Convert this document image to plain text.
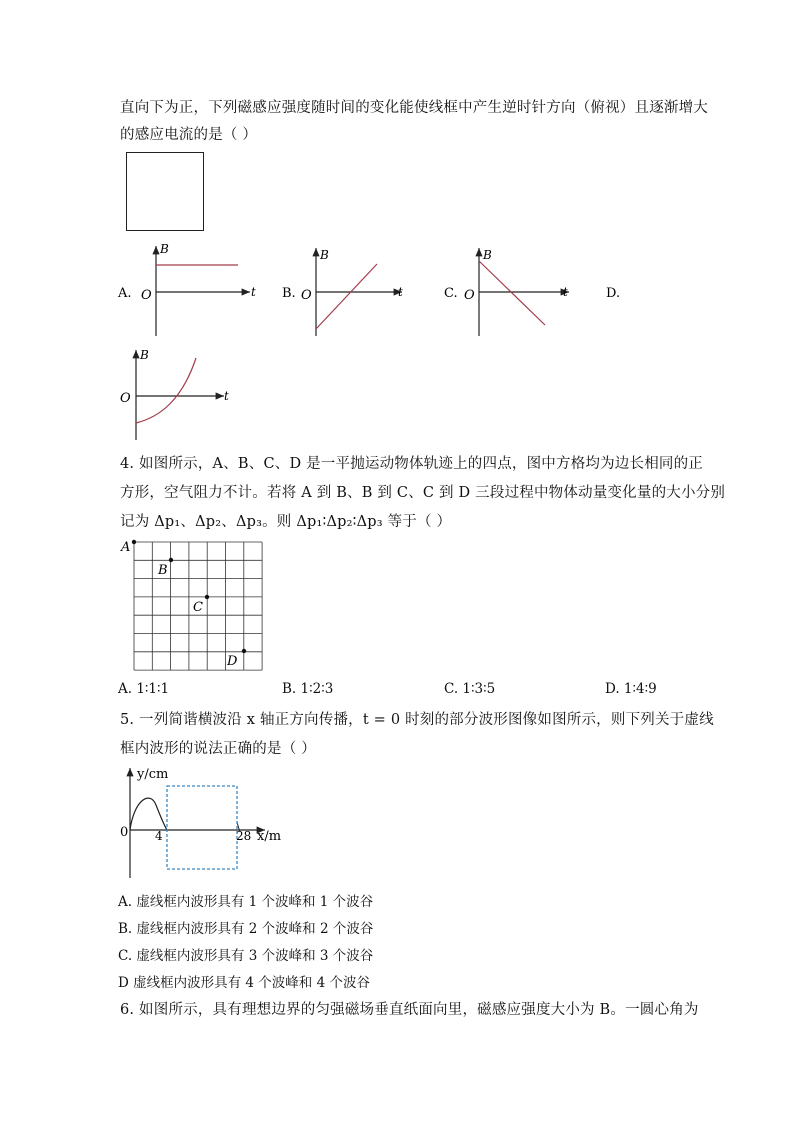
直向下为正，下列磁感应强度随时间的变化能使线框中产生逆时针方向（俯视）且逐渐增大
的感应电流的是（ ）
A.
B
t
O	B.
B
t
O	C.
B
t
O	D.
B
t
O
4. 如图所示，A、B、C、D 是一平抛运动物体轨迹上的四点，图中方格均为边长相同的正
方形，空气阻力不计。若将 A 到 B、B 到 C、C 到 D 三段过程中物体动量变化量的大小分别
记为 Δp₁、Δp₂、Δp₃。则 Δp₁∶Δp₂∶Δp₃ 等于（ ）
A
B
C
D
A. 1∶1∶1	B. 1∶2∶3	C. 1∶3∶5	D. 1∶4∶9
5. 一列简谐横波沿 x 轴正方向传播，t = 0 时刻的部分波形图像如图所示，则下列关于虚线
框内波形的说法正确的是（ ）
y/cm
x/m
0 4	28
A. 虚线框内波形具有 1 个波峰和 1 个波谷
B. 虚线框内波形具有 2 个波峰和 2 个波谷
C. 虚线框内波形具有 3 个波峰和 3 个波谷
D 虚线框内波形具有 4 个波峰和 4 个波谷
6. 如图所示，具有理想边界的匀强磁场垂直纸面向里，磁感应强度大小为 B。一圆心角为
